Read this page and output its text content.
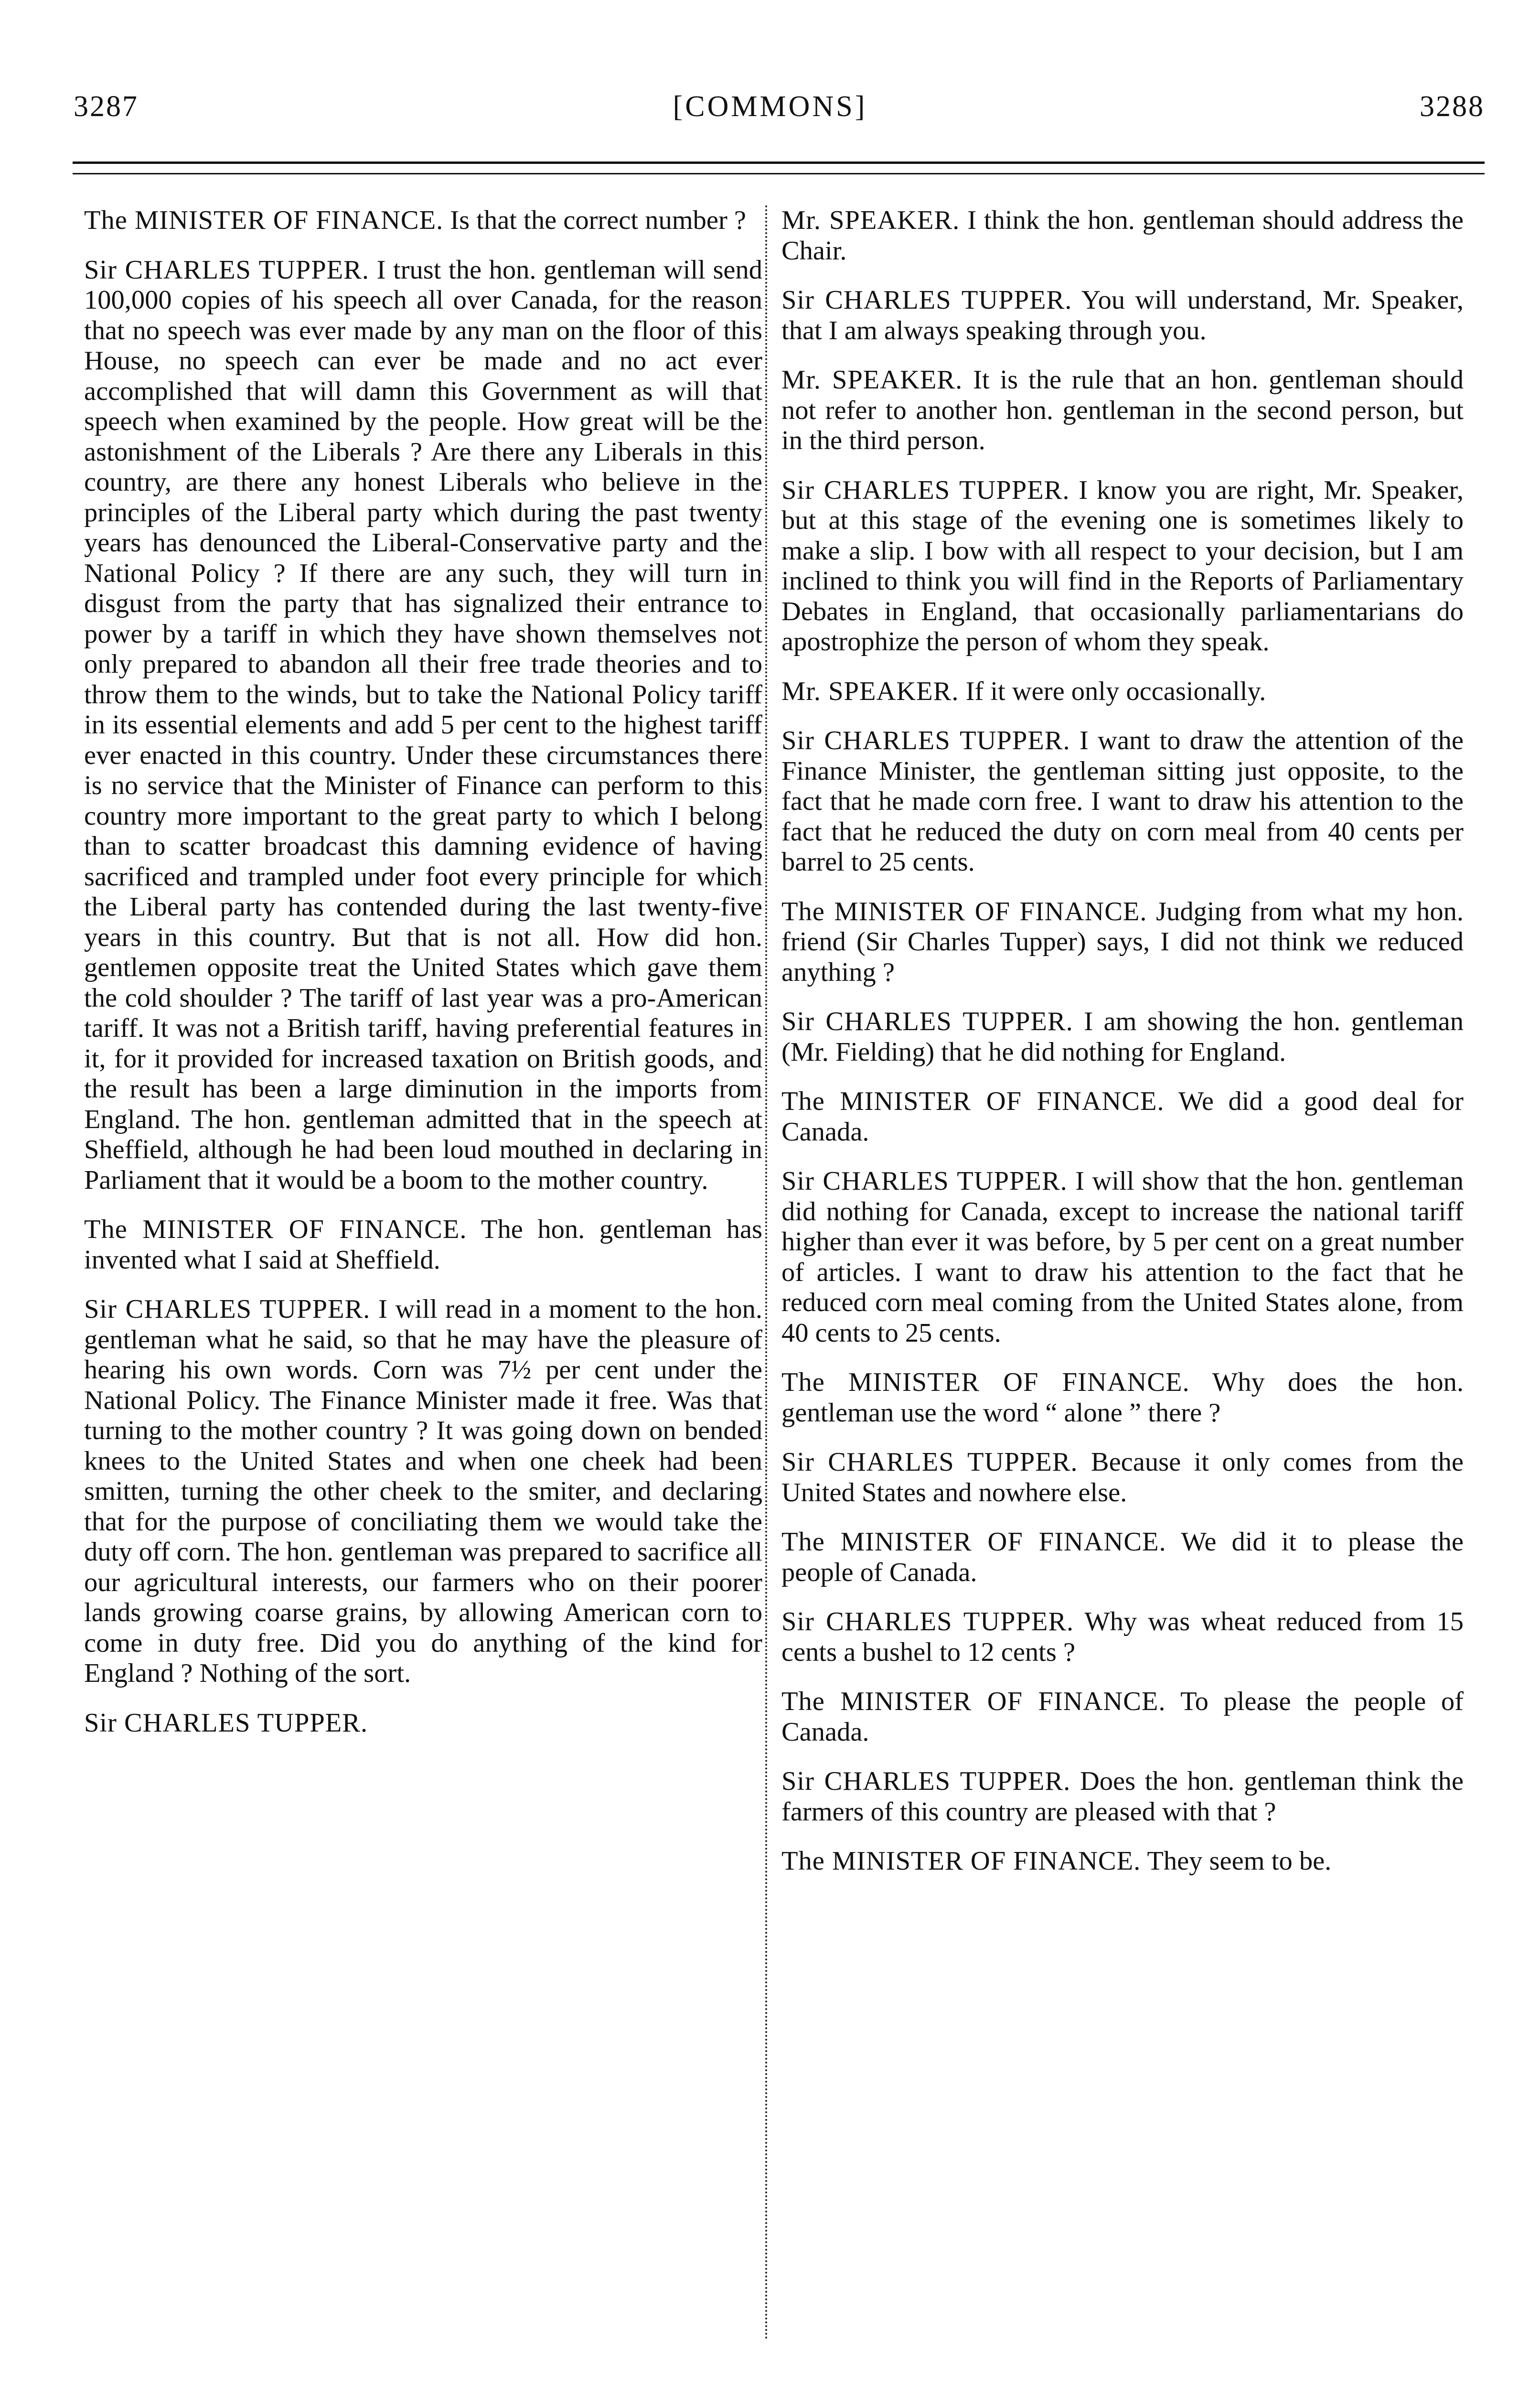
3287	[COMMONS]	3288

The MINISTER OF FINANCE. Is that the correct number ?

Sir CHARLES TUPPER. I trust the hon. gentleman will send 100,000 copies of his speech all over Canada, for the reason that no speech was ever made by any man on the floor of this House, no speech can ever be made and no act ever accomplished that will damn this Government as will that speech when examined by the people. How great will be the astonishment of the Liberals ? Are there any Liberals in this country, are there any honest Liberals who believe in the principles of the Liberal party which during the past twenty years has denounced the Liberal-Conservative party and the National Policy ? If there are any such, they will turn in disgust from the party that has signalized their entrance to power by a tariff in which they have shown themselves not only prepared to abandon all their free trade theories and to throw them to the winds, but to take the National Policy tariff in its essential elements and add 5 per cent to the highest tariff ever enacted in this country. Under these circumstances there is no service that the Minister of Finance can perform to this country more important to the great party to which I belong than to scatter broadcast this damning evidence of having sacrificed and trampled under foot every principle for which the Liberal party has contended during the last twenty-five years in this country. But that is not all. How did hon. gentlemen opposite treat the United States which gave them the cold shoulder ? The tariff of last year was a pro-American tariff. It was not a British tariff, having preferential features in it, for it provided for increased taxation on British goods, and the result has been a large diminution in the imports from England. The hon. gentleman admitted that in the speech at Sheffield, although he had been loud mouthed in declaring in Parliament that it would be a boom to the mother country.

The MINISTER OF FINANCE. The hon. gentleman has invented what I said at Sheffield.

Sir CHARLES TUPPER. I will read in a moment to the hon. gentleman what he said, so that he may have the pleasure of hearing his own words. Corn was 7½ per cent under the National Policy. The Finance Minister made it free. Was that turning to the mother country ? It was going down on bended knees to the United States and when one cheek had been smitten, turning the other cheek to the smiter, and declaring that for the purpose of conciliating them we would take the duty off corn. The hon. gentleman was prepared to sacrifice all our agricultural interests, our farmers who on their poorer lands growing coarse grains, by allowing American corn to come in duty free. Did you do anything of the kind for England ? Nothing of the sort.

Sir CHARLES TUPPER.

Mr. SPEAKER. I think the hon. gentleman should address the Chair.

Sir CHARLES TUPPER. You will understand, Mr. Speaker, that I am always speaking through you.

Mr. SPEAKER. It is the rule that an hon. gentleman should not refer to another hon. gentleman in the second person, but in the third person.

Sir CHARLES TUPPER. I know you are right, Mr. Speaker, but at this stage of the evening one is sometimes likely to make a slip. I bow with all respect to your decision, but I am inclined to think you will find in the Reports of Parliamentary Debates in England, that occasionally parliamentarians do apostrophize the person of whom they speak.

Mr. SPEAKER. If it were only occasionally.

Sir CHARLES TUPPER. I want to draw the attention of the Finance Minister, the gentleman sitting just opposite, to the fact that he made corn free. I want to draw his attention to the fact that he reduced the duty on corn meal from 40 cents per barrel to 25 cents.

The MINISTER OF FINANCE. Judging from what my hon. friend (Sir Charles Tupper) says, I did not think we reduced anything ?

Sir CHARLES TUPPER. I am showing the hon. gentleman (Mr. Fielding) that he did nothing for England.

The MINISTER OF FINANCE. We did a good deal for Canada.

Sir CHARLES TUPPER. I will show that the hon. gentleman did nothing for Canada, except to increase the national tariff higher than ever it was before, by 5 per cent on a great number of articles. I want to draw his attention to the fact that he reduced corn meal coming from the United States alone, from 40 cents to 25 cents.

The MINISTER OF FINANCE. Why does the hon. gentleman use the word “ alone ” there ?

Sir CHARLES TUPPER. Because it only comes from the United States and nowhere else.

The MINISTER OF FINANCE. We did it to please the people of Canada.

Sir CHARLES TUPPER. Why was wheat reduced from 15 cents a bushel to 12 cents ?

The MINISTER OF FINANCE. To please the people of Canada.

Sir CHARLES TUPPER. Does the hon. gentleman think the farmers of this country are pleased with that ?

The MINISTER OF FINANCE. They seem to be.
